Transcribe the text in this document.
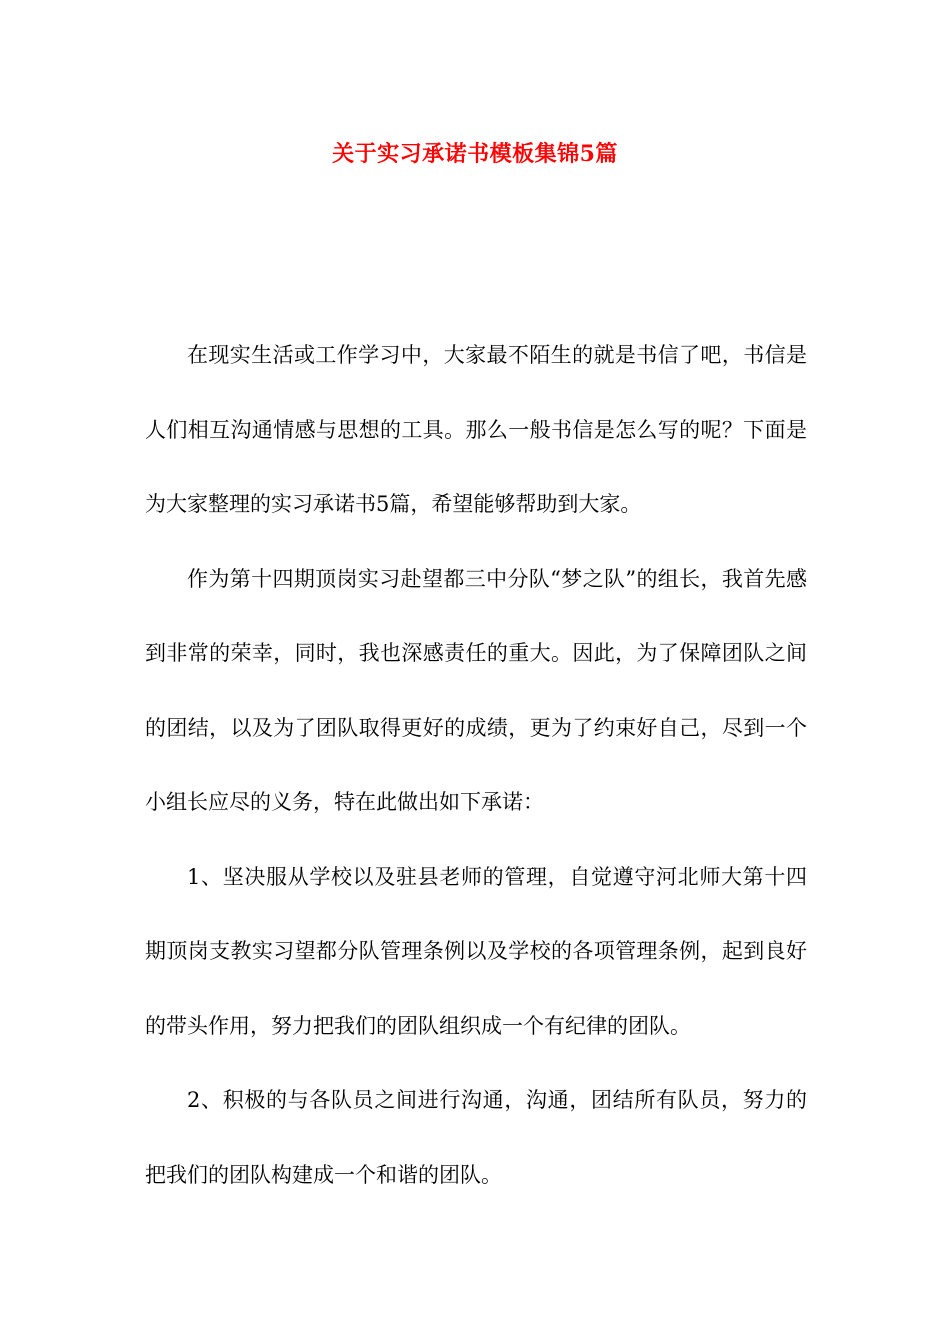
关于实习承诺书模板集锦5篇

在现实生活或工作学习中，大家最不陌生的就是书信了吧，书信是人们相互沟通情感与思想的工具。那么一般书信是怎么写的呢？下面是为大家整理的实习承诺书5篇，希望能够帮助到大家。

作为第十四期顶岗实习赴望都三中分队“梦之队”的组长，我首先感到非常的荣幸，同时，我也深感责任的重大。因此，为了保障团队之间的团结，以及为了团队取得更好的成绩，更为了约束好自己，尽到一个小组长应尽的义务，特在此做出如下承诺：

1、坚决服从学校以及驻县老师的管理，自觉遵守河北师大第十四期顶岗支教实习望都分队管理条例以及学校的各项管理条例，起到良好的带头作用，努力把我们的团队组织成一个有纪律的团队。

2、积极的与各队员之间进行沟通，沟通，团结所有队员，努力的把我们的团队构建成一个和谐的团队。
